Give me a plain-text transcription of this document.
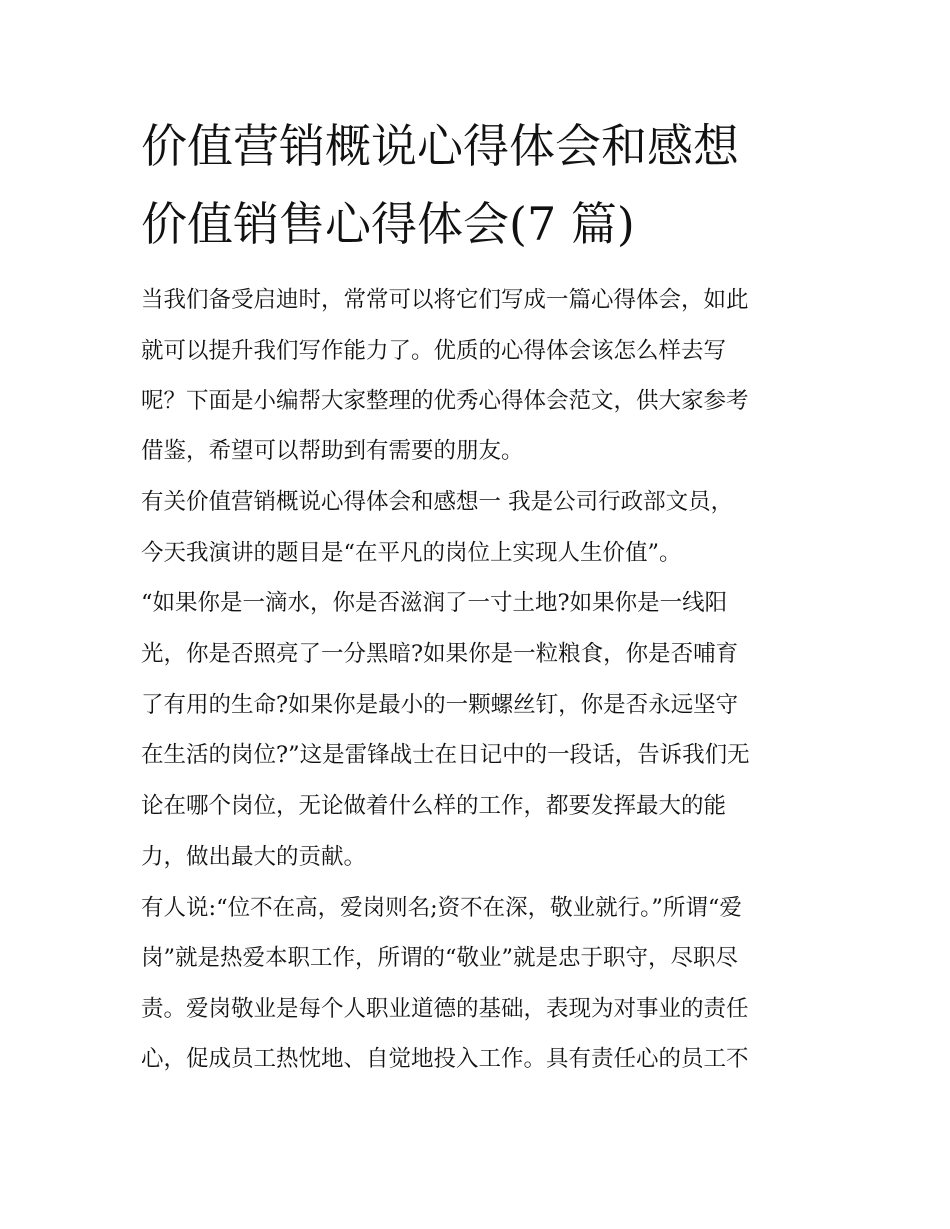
价值营销概说心得体会和感想
价值销售心得体会(7 篇)
当我们备受启迪时，常常可以将它们写成一篇心得体会，如此
就可以提升我们写作能力了。优质的心得体会该怎么样去写
呢？下面是小编帮大家整理的优秀心得体会范文，供大家参考
借鉴，希望可以帮助到有需要的朋友。
有关价值营销概说心得体会和感想一 我是公司行政部文员，
今天我演讲的题目是“在平凡的岗位上实现人生价值”。
“如果你是一滴水，你是否滋润了一寸土地?如果你是一线阳
光，你是否照亮了一分黑暗?如果你是一粒粮食，你是否哺育
了有用的生命?如果你是最小的一颗螺丝钉，你是否永远坚守
在生活的岗位?”这是雷锋战士在日记中的一段话，告诉我们无
论在哪个岗位，无论做着什么样的工作，都要发挥最大的能
力，做出最大的贡献。
有人说:“位不在高，爱岗则名;资不在深，敬业就行。”所谓“爱
岗”就是热爱本职工作，所谓的“敬业”就是忠于职守，尽职尽
责。爱岗敬业是每个人职业道德的基础，表现为对事业的责任
心，促成员工热忱地、自觉地投入工作。具有责任心的员工不
